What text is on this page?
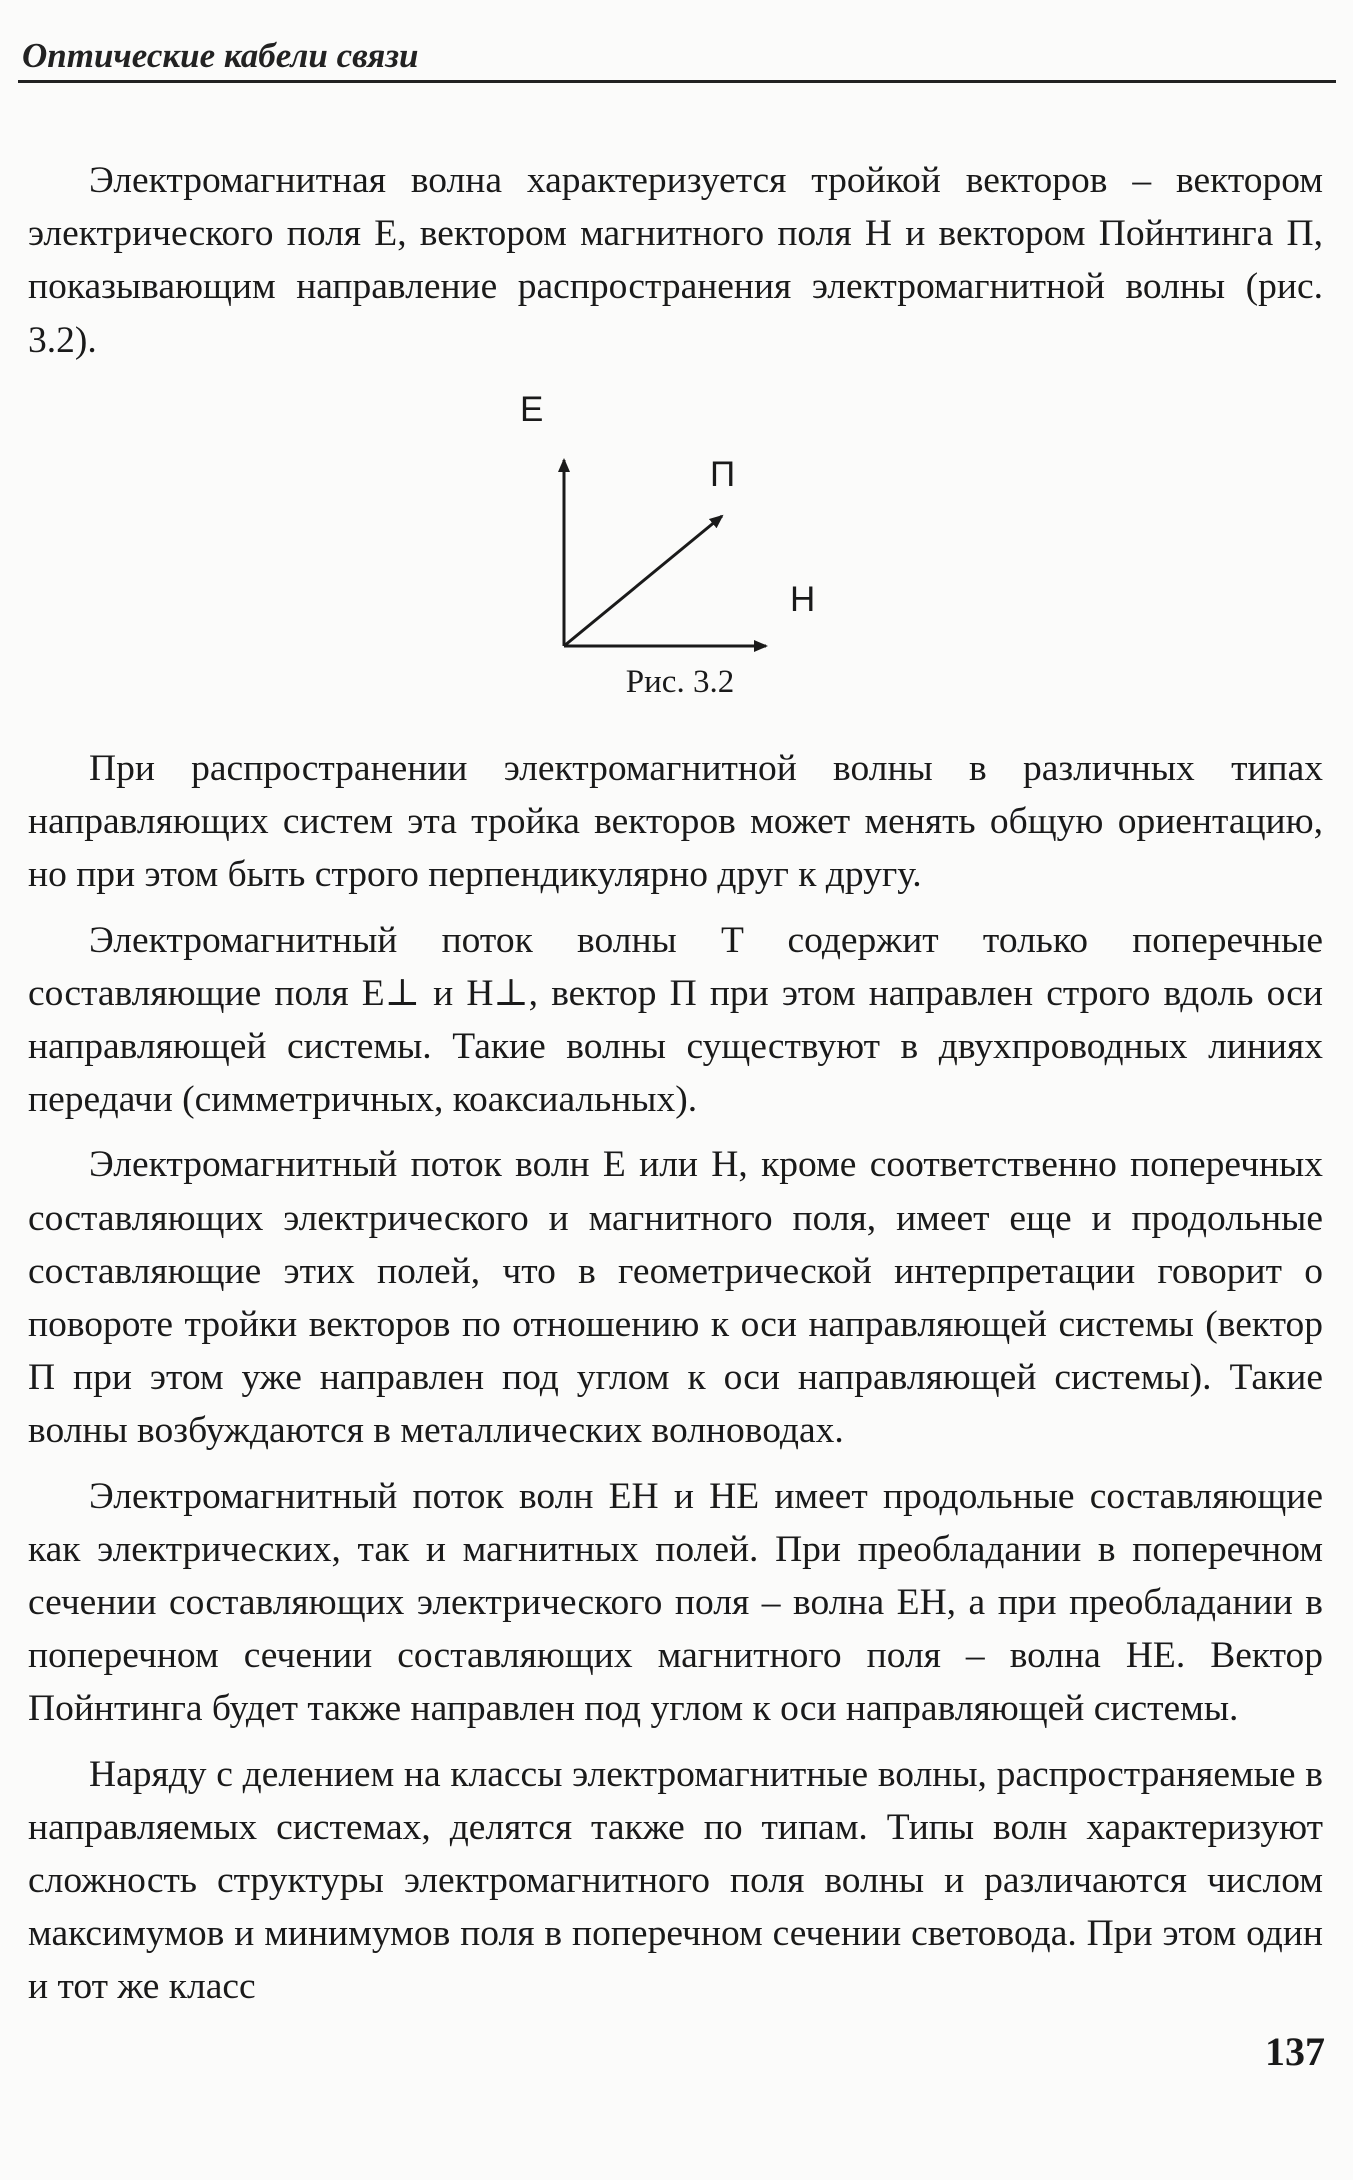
Оптические кабели связи

Электромагнитная волна характеризуется тройкой векторов – вектором электрического поля E, вектором магнитного поля H и вектором Пойнтинга П, показывающим направление распространения электромагнитной волны (рис. 3.2).

E
П
H
Рис. 3.2

При распространении электромагнитной волны в различных типах направляющих систем эта тройка векторов может менять общую ориентацию, но при этом быть строго перпендикулярно друг к другу.

Электромагнитный поток волны T содержит только поперечные составляющие поля E⊥ и H⊥, вектор П при этом направлен строго вдоль оси направляющей системы. Такие волны существуют в двухпроводных линиях передачи (симметричных, коаксиальных).

Электромагнитный поток волн E или H, кроме соответственно поперечных составляющих электрического и магнитного поля, имеет еще и продольные составляющие этих полей, что в геометрической интерпретации говорит о повороте тройки векторов по отношению к оси направляющей системы (вектор П при этом уже направлен под углом к оси направляющей системы). Такие волны возбуждаются в металлических волноводах.

Электромагнитный поток волн EH и HE имеет продольные составляющие как электрических, так и магнитных полей. При преобладании в поперечном сечении составляющих электрического поля – волна EH, а при преобладании в поперечном сечении составляющих магнитного поля – волна HE. Вектор Пойнтинга будет также направлен под углом к оси направляющей системы.

Наряду с делением на классы электромагнитные волны, распространяемые в направляемых системах, делятся также по типам. Типы волн характеризуют сложность структуры электромагнитного поля волны и различаются числом максимумов и минимумов поля в поперечном сечении световода. При этом один и тот же класс

137
